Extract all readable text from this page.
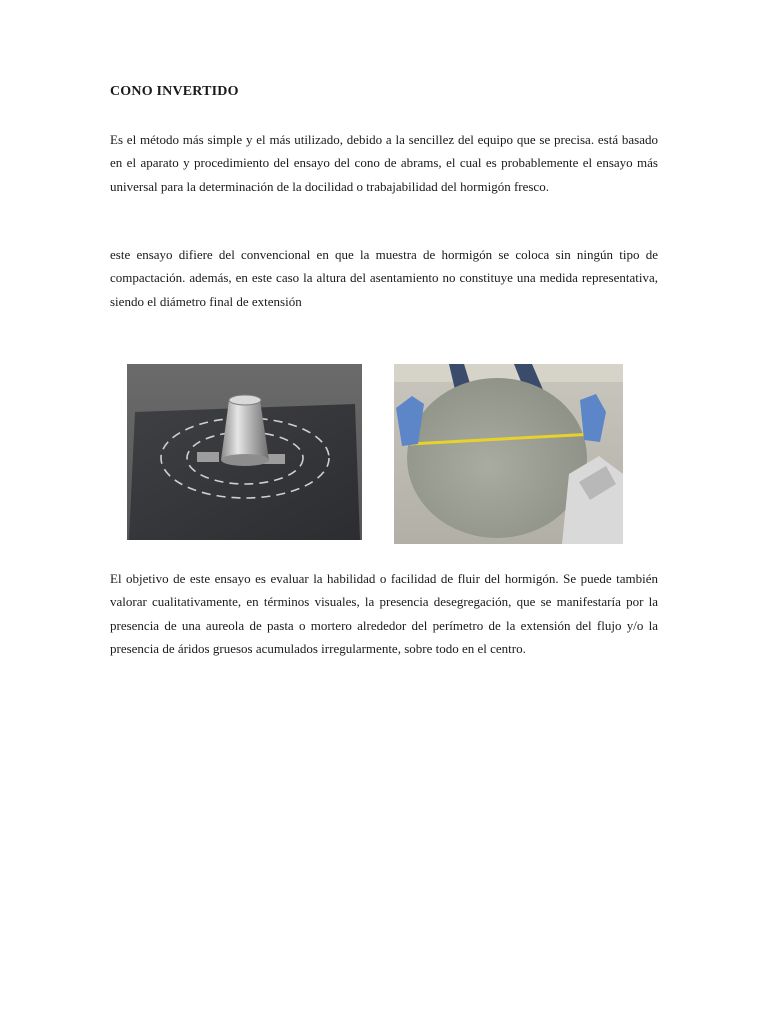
CONO INVERTIDO

Es el método más simple y el más utilizado, debido a la sencillez del equipo que se precisa. está basado en el aparato y procedimiento del ensayo del cono de abrams, el cual es probablemente el ensayo más universal para la determinación de la docilidad o trabajabilidad del hormigón fresco.

este ensayo difiere del convencional en que la muestra de hormigón se coloca sin ningún tipo de compactación. además, en este caso la altura del asentamiento no constituye una medida representativa, siendo el diámetro final de extensión

El objetivo de este ensayo es evaluar la habilidad o facilidad de fluir del hormigón. Se puede también valorar cualitativamente, en términos visuales, la presencia desegregación, que se manifestaría por la presencia de una aureola de pasta o mortero alrededor del perímetro de la extensión del flujo y/o la presencia de áridos gruesos acumulados irregularmente, sobre todo en el centro.
